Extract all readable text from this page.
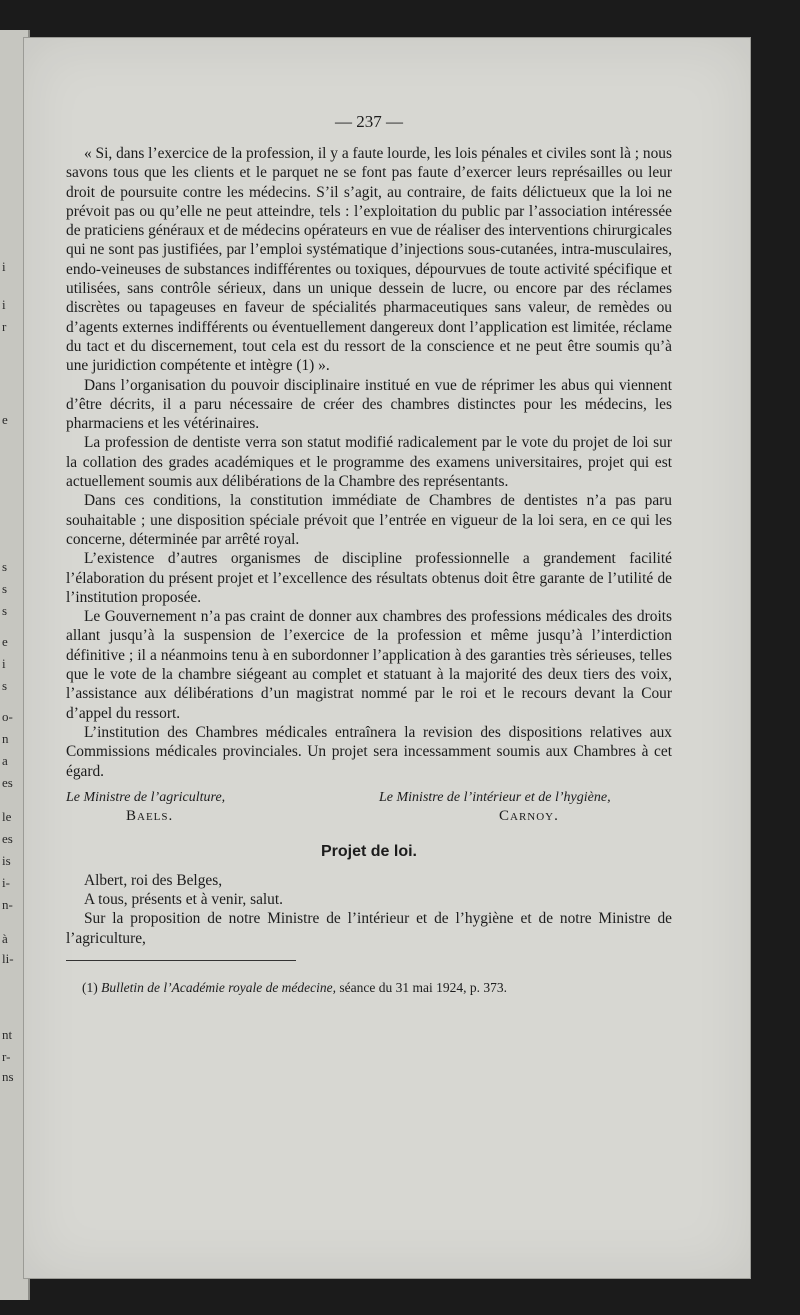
i
i
r
e
s
s
s
e
i
s
o-
n
a
es
le
es
is
i-
n-
à
li-
nt
r-
ns
— 237 —

« Si, dans l’exercice de la profession, il y a faute lourde, les lois pénales et civiles sont là ; nous savons tous que les clients et le parquet ne se font pas faute d’exercer leurs représailles ou leur droit de poursuite contre les médecins. S’il s’agit, au contraire, de faits délictueux que la loi ne prévoit pas ou qu’elle ne peut atteindre, tels : l’exploitation du public par l’association intéressée de praticiens généraux et de médecins opérateurs en vue de réaliser des interventions chirurgicales qui ne sont pas justifiées, par l’emploi systématique d’injections sous-cutanées, intra-musculaires, endo-veineuses de substances indifférentes ou toxiques, dépourvues de toute activité spécifique et utilisées, sans contrôle sérieux, dans un unique dessein de lucre, ou encore par des réclames discrètes ou tapageuses en faveur de spécialités pharmaceutiques sans valeur, de remèdes ou d’agents externes indifférents ou éventuellement dangereux dont l’application est limitée, réclame du tact et du discernement, tout cela est du ressort de la conscience et ne peut être soumis qu’à une juridiction compétente et intègre (1) ».

Dans l’organisation du pouvoir disciplinaire institué en vue de réprimer les abus qui viennent d’être décrits, il a paru nécessaire de créer des chambres distinctes pour les médecins, les pharmaciens et les vétérinaires.

La profession de dentiste verra son statut modifié radicalement par le vote du projet de loi sur la collation des grades académiques et le programme des examens universitaires, projet qui est actuellement soumis aux délibérations de la Chambre des représentants.

Dans ces conditions, la constitution immédiate de Chambres de dentistes n’a pas paru souhaitable ; une disposition spéciale prévoit que l’entrée en vigueur de la loi sera, en ce qui les concerne, déterminée par arrêté royal.

L’existence d’autres organismes de discipline professionnelle a grandement facilité l’élaboration du présent projet et l’excellence des résultats obtenus doit être garante de l’utilité de l’institution proposée.

Le Gouvernement n’a pas craint de donner aux chambres des professions médicales des droits allant jusqu’à la suspension de l’exercice de la profession et même jusqu’à l’interdiction définitive ; il a néanmoins tenu à en subordonner l’application à des garanties très sérieuses, telles que le vote de la chambre siégeant au complet et statuant à la majorité des deux tiers des voix, l’assistance aux délibérations d’un magistrat nommé par le roi et le recours devant la Cour d’appel du ressort.

L’institution des Chambres médicales entraînera la revision des dispositions relatives aux Commissions médicales provinciales. Un projet sera incessamment soumis aux Chambres à cet égard.

Le Ministre de l’agriculture,
Baels.
Le Ministre de l’intérieur et de l’hygiène,
Carnoy.
Projet de loi.

Albert, roi des Belges,

A tous, présents et à venir, salut.

Sur la proposition de notre Ministre de l’intérieur et de l’hygiène et de notre Ministre de l’agriculture,

(1) Bulletin de l’Académie royale de médecine, séance du 31 mai 1924, p. 373.
